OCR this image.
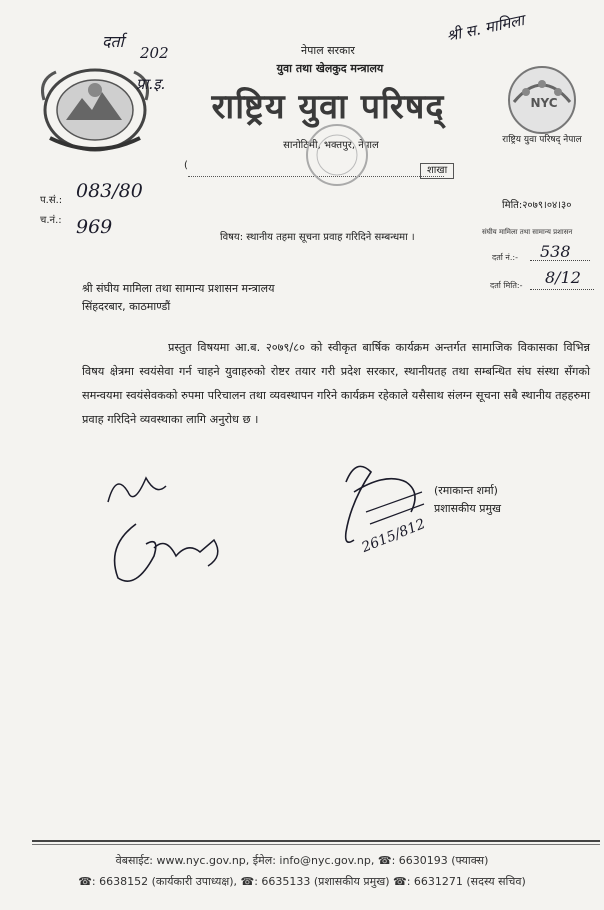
नेपाल सरकार
युवा तथा खेलकुद मन्त्रालय
राष्ट्रिय युवा परिषद्
सानोठिमी, भक्तपुर, नेपाल
(	शाखा
NYC
राष्ट्रिय युवा परिषद् नेपाल
दर्ता
202
प्रा.इ.
श्री स. मामिला
प.सं.: 083/80
च.नं.: 969
मिति:२०७९।०४।३०
विषय: स्थानीय तहमा सूचना प्रवाह गरिदिने सम्बन्धमा ।	संघीय मामिला तथा सामान्य प्रशासन
दर्ता नं.:- 538
दर्ता मिति:- 8/12
श्री संघीय मामिला तथा सामान्य प्रशासन मन्त्रालय
सिंहदरबार, काठमाण्डौं
प्रस्तुत विषयमा आ.ब. २०७९/८० को स्वीकृत बार्षिक कार्यक्रम अन्तर्गत सामाजिक विकासका विभिन्न विषय क्षेत्रमा स्वयंसेवा गर्न चाहने युवाहरुको रोष्टर तयार गरी प्रदेश सरकार, स्थानीयतह तथा सम्बन्धित संघ संस्था सँगको समन्वयमा स्वयंसेवकको रुपमा परिचालन तथा व्यवस्थापन गरिने कार्यक्रम रहेकाले यसैसाथ संलग्न सूचना सबै स्थानीय तहहरुमा प्रवाह गरिदिने व्यवस्थाका लागि अनुरोध छ ।
(रमाकान्त शर्मा)
प्रशासकीय प्रमुख
2615/812
वेबसाईट: www.nyc.gov.np, ईमेल: info@nyc.gov.np, ☎: 6630193 (फ्याक्स)
☎: 6638152 (कार्यकारी उपाध्यक्ष), ☎: 6635133 (प्रशासकीय प्रमुख) ☎: 6631271 (सदस्य सचिव)
